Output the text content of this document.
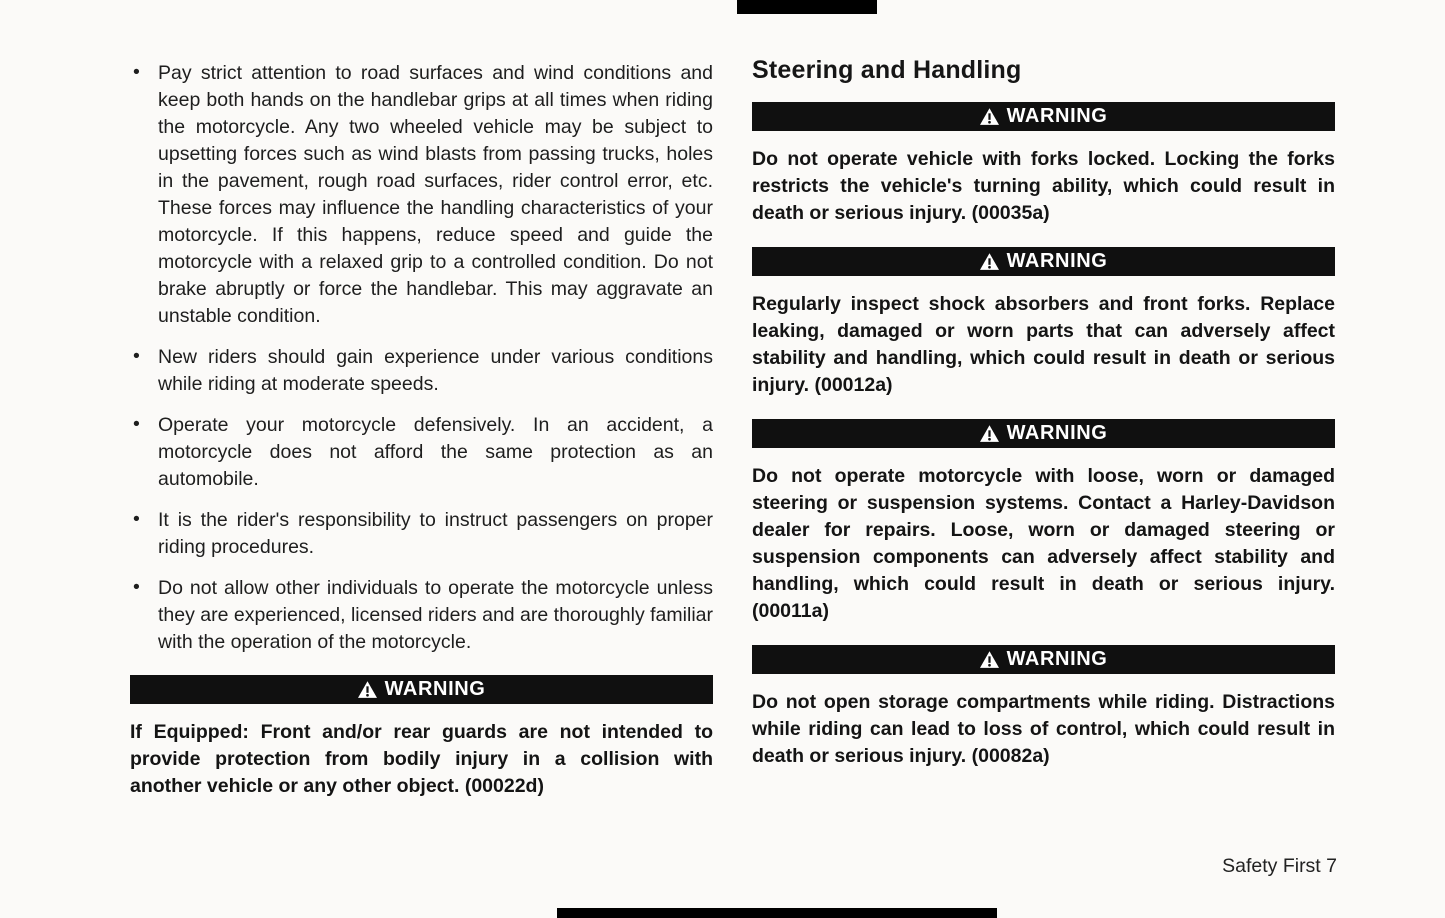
• Pay strict attention to road surfaces and wind conditions and keep both hands on the handlebar grips at all times when riding the motorcycle. Any two wheeled vehicle may be subject to upsetting forces such as wind blasts from passing trucks, holes in the pavement, rough road surfaces, rider control error, etc. These forces may influence the handling characteristics of your motorcycle. If this happens, reduce speed and guide the motorcycle with a relaxed grip to a controlled condition. Do not brake abruptly or force the handlebar. This may aggravate an unstable condition.
• New riders should gain experience under various conditions while riding at moderate speeds.
• Operate your motorcycle defensively. In an accident, a motorcycle does not afford the same protection as an automobile.
• It is the rider's responsibility to instruct passengers on proper riding procedures.
• Do not allow other individuals to operate the motorcycle unless they are experienced, licensed riders and are thoroughly familiar with the operation of the motorcycle.
WARNING

If Equipped: Front and/or rear guards are not intended to provide protection from bodily injury in a collision with another vehicle or any other object. (00022d)

Steering and Handling
WARNING

Do not operate vehicle with forks locked. Locking the forks restricts the vehicle's turning ability, which could result in death or serious injury. (00035a)

WARNING

Regularly inspect shock absorbers and front forks. Replace leaking, damaged or worn parts that can adversely affect stability and handling, which could result in death or serious injury. (00012a)

WARNING

Do not operate motorcycle with loose, worn or damaged steering or suspension systems. Contact a Harley-Davidson dealer for repairs. Loose, worn or damaged steering or suspension components can adversely affect stability and handling, which could result in death or serious injury. (00011a)

WARNING

Do not open storage compartments while riding. Distractions while riding can lead to loss of control, which could result in death or serious injury. (00082a)

Safety First 7
